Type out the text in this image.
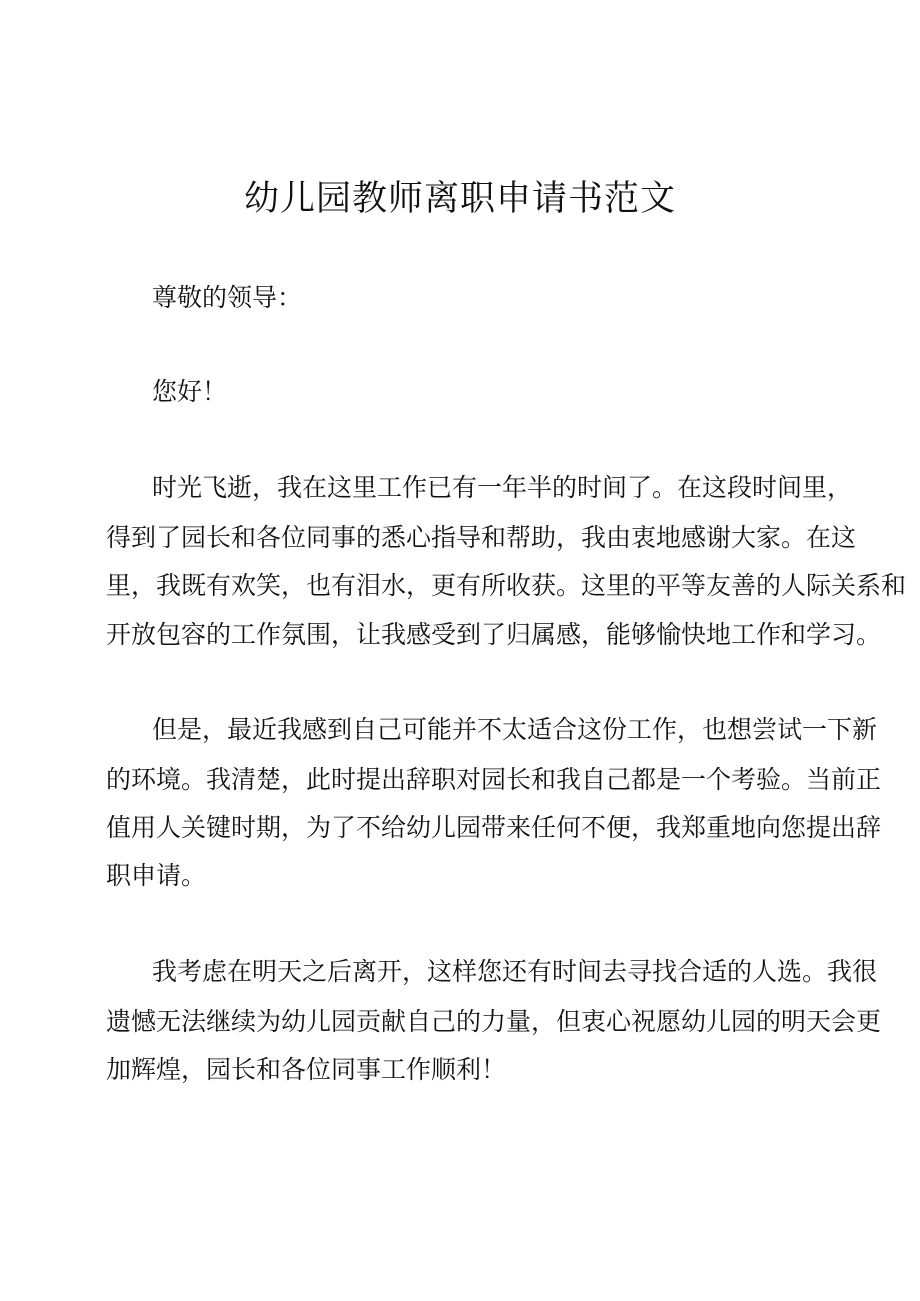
幼儿园教师离职申请书范文

尊敬的领导：

您好！

时光飞逝，我在这里工作已有一年半的时间了。在这段时间里，

得到了园长和各位同事的悉心指导和帮助，我由衷地感谢大家。在这

里，我既有欢笑，也有泪水，更有所收获。这里的平等友善的人际关系和

开放包容的工作氛围，让我感受到了归属感，能够愉快地工作和学习。

但是，最近我感到自己可能并不太适合这份工作，也想尝试一下新

的环境。我清楚，此时提出辞职对园长和我自己都是一个考验。当前正

值用人关键时期，为了不给幼儿园带来任何不便，我郑重地向您提出辞

职申请。

我考虑在明天之后离开，这样您还有时间去寻找合适的人选。我很

遗憾无法继续为幼儿园贡献自己的力量，但衷心祝愿幼儿园的明天会更

加辉煌，园长和各位同事工作顺利！
